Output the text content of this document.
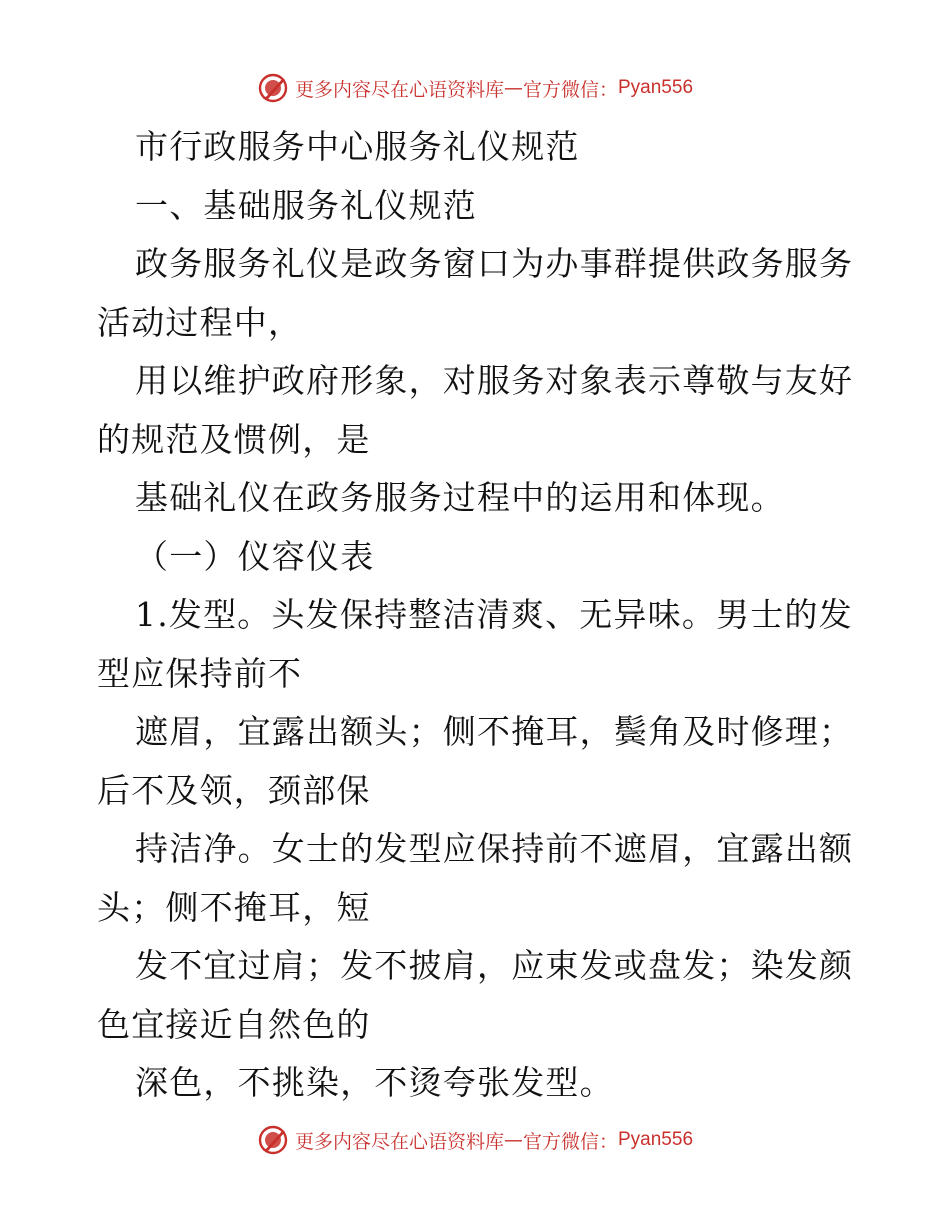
更多内容尽在心语资料库 — 官方微信： Pyan556

市行政服务中心服务礼仪规范

一、基础服务礼仪规范

政务服务礼仪是政务窗口为办事群提供政务服务

活动过程中，

用以维护政府形象，对服务对象表示尊敬与友好

的规范及惯例，是

基础礼仪在政务服务过程中的运用和体现。

（一）仪容仪表

1.发型。头发保持整洁清爽、无异味。男士的发

型应保持前不

遮眉，宜露出额头；侧不掩耳，鬓角及时修理；

后不及领，颈部保

持洁净。女士的发型应保持前不遮眉，宜露出额

头；侧不掩耳，短

发不宜过肩；发不披肩，应束发或盘发；染发颜

色宜接近自然色的

深色，不挑染，不烫夸张发型。

更多内容尽在心语资料库 — 官方微信： Pyan556
